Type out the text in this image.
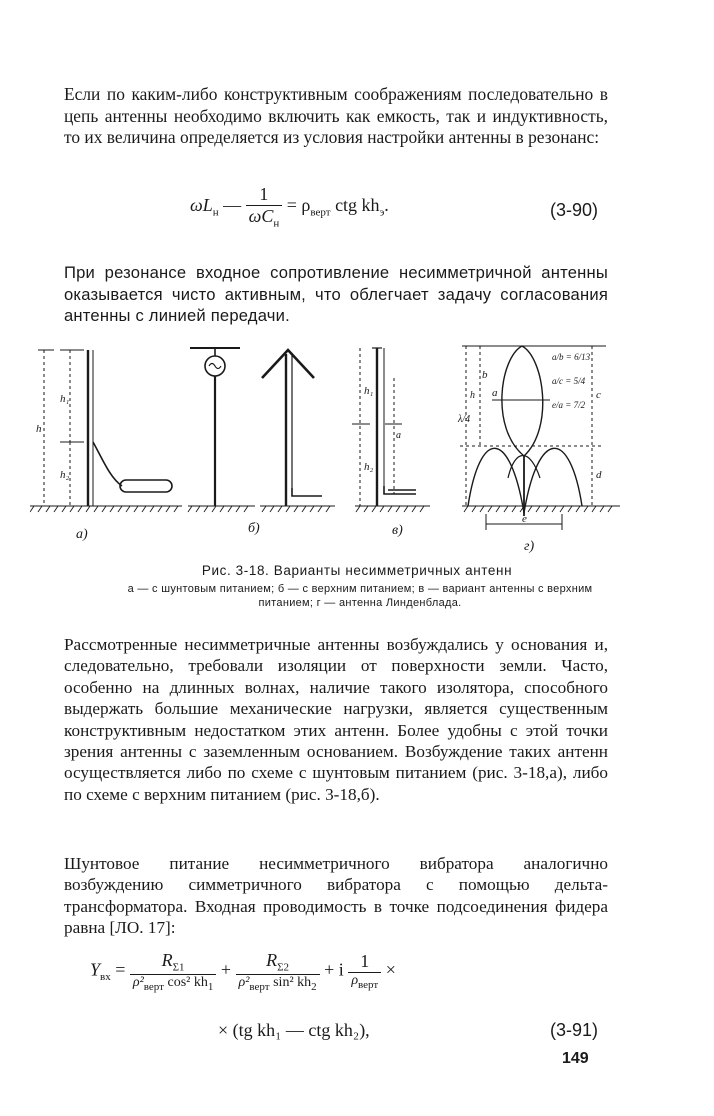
Если по каким-либо конструктивным соображениям последовательно в цепь антенны необходимо включить как емкость, так и индуктивность, то их величина определяется из условия настройки антенны в резонанс:
$\omega L_н$ — $\frac{1}{\omega C_н} = \rho_{верт}$ ctg $kh_э$.	(3-90)
При резонансе входное сопротивление несимметричной антенны оказывается чисто активным, что облегчает задачу согласования антенны с линией передачи.
а)	б)	в)
г)
h
h₁
h₂
h₁
h₂
a
λ/4
h a
b
c
d
e
a/b = 6/13
a/c = 5/4
e/a = 7/2
Рис. 3-18. Варианты несимметричных антенн
а — с шунтовым питанием; б — с верхним питанием; в — вариант антенны с верхним питанием; г — антенна Линденблада.
Рассмотренные несимметричные антенны возбуждались у основания и, следовательно, требовали изоляции от поверхности земли. Часто, особенно на длинных волнах, наличие такого изолятора, способного выдержать большие механические нагрузки, является существенным конструктивным недостатком этих антенн. Более удобны с этой точки зрения антенны с заземленным основанием. Возбуждение таких антенн осуществляется либо по схеме с шунтовым питанием (рис. 3-18,а), либо по схеме с верхним питанием (рис. 3-18,б).
Шунтовое питание несимметричного вибратора аналогично возбуждению симметричного вибратора с помощью дельта-трансформатора. Входная проводимость в точке подсоединения фидера равна [ЛО. 17]:
$Y_{вх} = \frac{R_{\Sigma 1}}{\rho^2_{верт} \cos^2 kh_1} + \frac{R_{\Sigma 2}}{\rho^2_{верт} \sin^2 kh_2} + i \frac{1}{\rho_{верт}}$ ×
× (tg kh₁ — ctg kh₂),	(3-91)
149
